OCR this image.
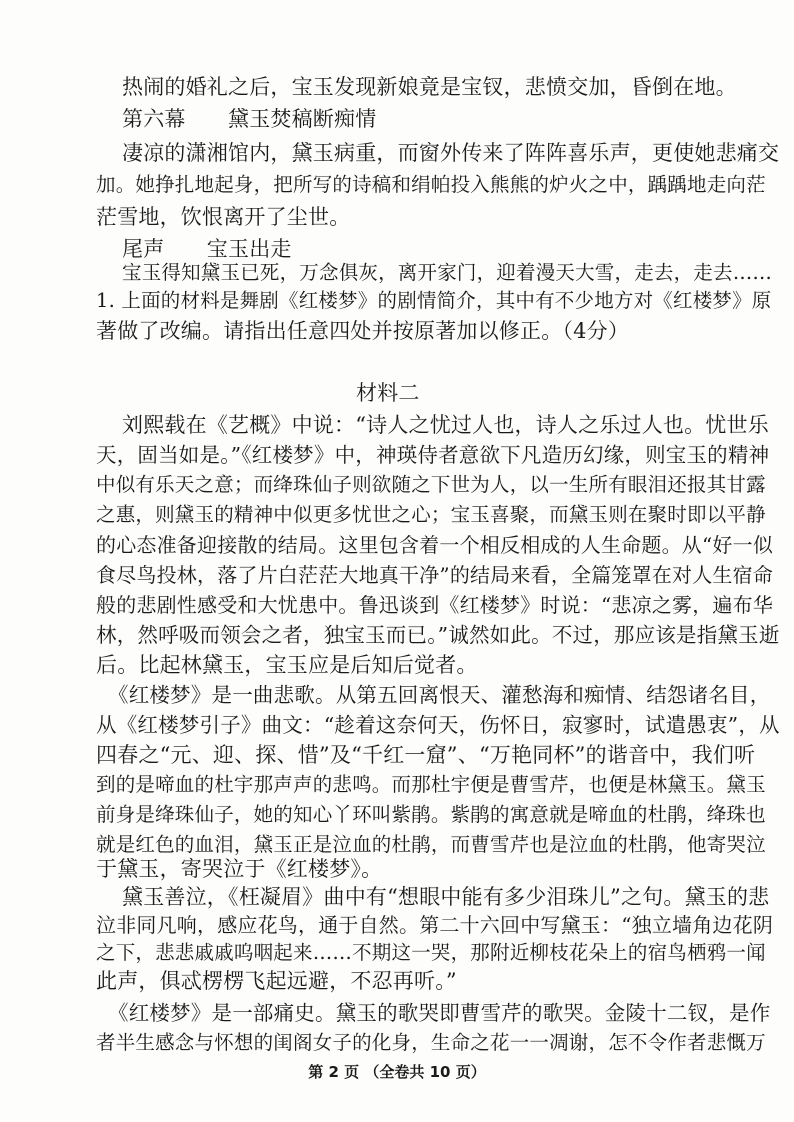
热闹的婚礼之后，宝玉发现新娘竟是宝钗，悲愤交加，昏倒在地。
第六幕　　黛玉焚稿断痴情
凄凉的潇湘馆内，黛玉病重，而窗外传来了阵阵喜乐声，更使她悲痛交
加。她挣扎地起身，把所写的诗稿和绢帕投入熊熊的炉火之中，踽踽地走向茫
茫雪地，饮恨离开了尘世。
尾声　　宝玉出走
宝玉得知黛玉已死，万念俱灰，离开家门，迎着漫天大雪，走去，走去……
1. 上面的材料是舞剧《红楼梦》的剧情简介，其中有不少地方对《红楼梦》原
著做了改编。请指出任意四处并按原著加以修正。（4分）
材料二
刘熙载在《艺概》中说：“诗人之忧过人也，诗人之乐过人也。忧世乐
天，固当如是。”《红楼梦》中，神瑛侍者意欲下凡造历幻缘，则宝玉的精神
中似有乐天之意；而绛珠仙子则欲随之下世为人，以一生所有眼泪还报其甘露
之惠，则黛玉的精神中似更多忧世之心；宝玉喜聚，而黛玉则在聚时即以平静
的心态准备迎接散的结局。这里包含着一个相反相成的人生命题。从“好一似
食尽鸟投林，落了片白茫茫大地真干净”的结局来看，全篇笼罩在对人生宿命
般的悲剧性感受和大忧患中。鲁迅谈到《红楼梦》时说：“悲凉之雾，遍布华
林，然呼吸而领会之者，独宝玉而已。”诚然如此。不过，那应该是指黛玉逝
后。比起林黛玉，宝玉应是后知后觉者。
《红楼梦》是一曲悲歌。从第五回离恨天、灌愁海和痴情、结怨诸名目，
从《红楼梦引子》曲文：“趁着这奈何天，伤怀日，寂寥时，试遣愚衷”，从
四春之“元、迎、探、惜”及“千红一窟”、“万艳同杯”的谐音中，我们听
到的是啼血的杜宇那声声的悲鸣。而那杜宇便是曹雪芹，也便是林黛玉。黛玉
前身是绛珠仙子，她的知心丫环叫紫鹃。紫鹃的寓意就是啼血的杜鹃，绛珠也
就是红色的血泪，黛玉正是泣血的杜鹃，而曹雪芹也是泣血的杜鹃，他寄哭泣
于黛玉，寄哭泣于《红楼梦》。
黛玉善泣，《枉凝眉》曲中有“想眼中能有多少泪珠儿”之句。黛玉的悲
泣非同凡响，感应花鸟，通于自然。第二十六回中写黛玉：“独立墙角边花阴
之下，悲悲戚戚呜咽起来……不期这一哭，那附近柳枝花朵上的宿鸟栖鸦一闻
此声，俱忒楞楞飞起远避，不忍再听。”
《红楼梦》是一部痛史。黛玉的歌哭即曹雪芹的歌哭。金陵十二钗，是作
者半生感念与怀想的闺阁女子的化身，生命之花一一凋谢，怎不令作者悲慨万
第 2 页 （全卷共 10 页）
